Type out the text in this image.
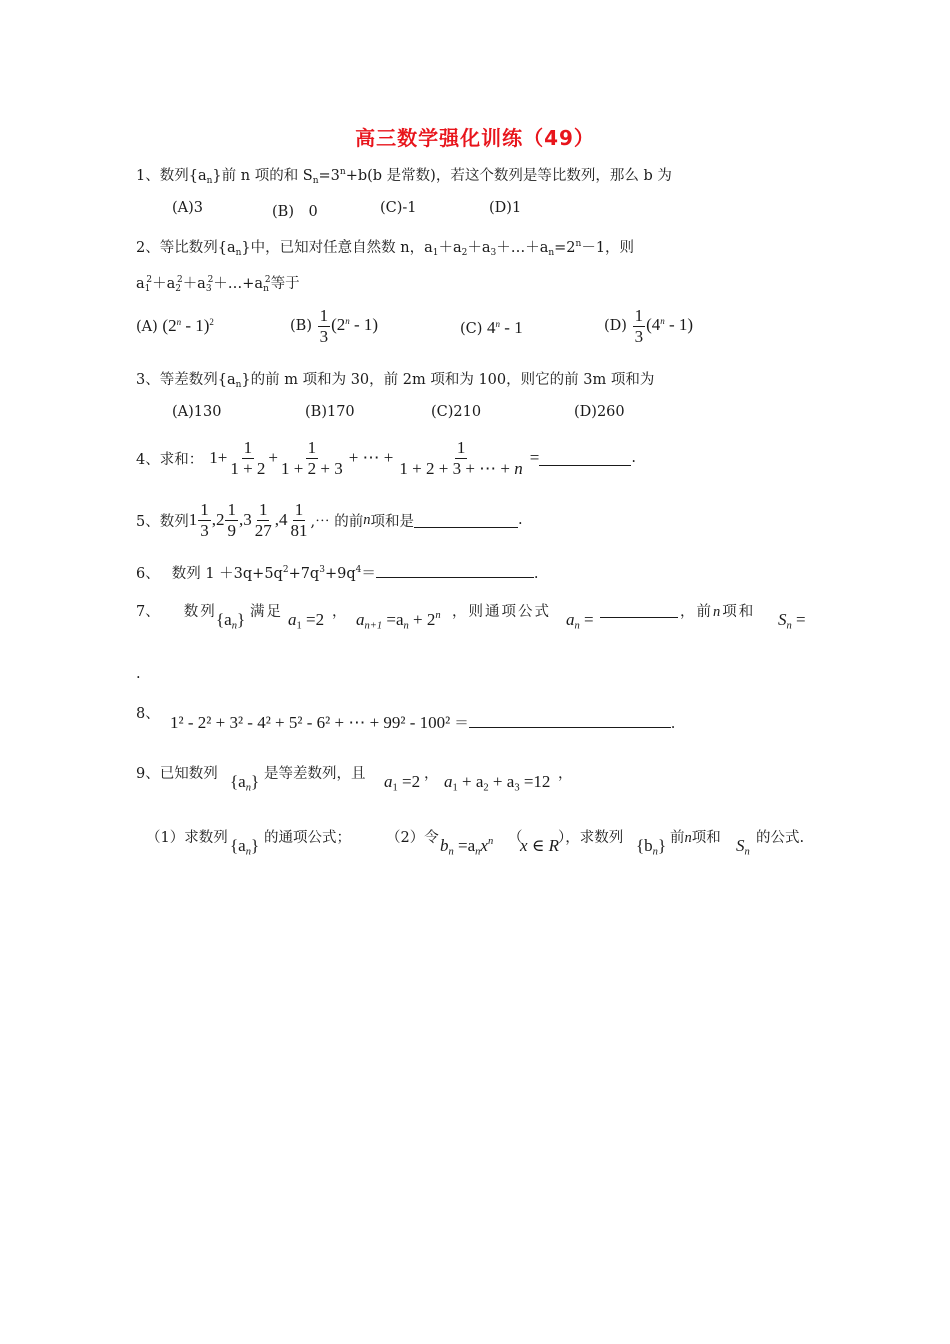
高三数学强化训练（49）
1、数列$\{a_n\}$前 n 项的和 $S_n=3^n+b(b$ 是常数)，若这个数列是等比数列，那么 b 为
(A)3	(B)　0	(C)-1	(D)1
2、等比数列$\{a_n\}$中，已知对任意自然数 n，$a_1+a_2+a_3+\dots+a_n=2^n-1$，则
$a_1^2+a_2^2+a_3^2+\dots+a_n^2$等于
(A) (2$^n$ - 1)$^2$	$(B) \frac{1}{3} (2^n - 1)$	(C) 4$^n$ - 1	$(D) \frac{1}{3} (4^n - 1)$
3、等差数列$\{a_n\}$的前 m 项和为 30，前 2m 项和为 100，则它的前 3m 项和为
(A)130	(B)170	(C)210	(D)260
4、 求和： $1 + \frac{1}{1 + 2} + \frac{1}{1 + 2 + 3}$ + ⋯ + $\frac{1}{1 + 2 + 3 + \cdots + n}$ =	.
5、 数列 $1 \frac{1}{3}$ , $2 \frac{1}{9}$ , $3 \frac{1}{27}$ , $4 \frac{1}{81}$ ,⋯ 的前 n 项和是	.
6、 数列 $1 +3q+5q^2+7q^3+9q^4=$	.
7、 数列 $\{a_n\}$ 满足 $a_1 =2$ ， $a_{n+1} =a_n + 2^n$ ，则通项公式 $a_n$ =	，前n项和 $S_n$ =
.
8、 1² - 2² + 3² - 4² + 5² - 6² + ⋯ + 99² - 100² ＝	.
9、已知数列 $\{a_n\}$ 是等差数列，且 $a_1 =2$ ， $a_1 + a_2 + a_3 =12$ ，
（1）求数列 $\{a_n\}$ 的通项公式； （2）令 $b_n =a_nx^n$ （
x ∈ R
），求数列 $\{b_n\}$ 前n项和 $S_n$
的公式.
